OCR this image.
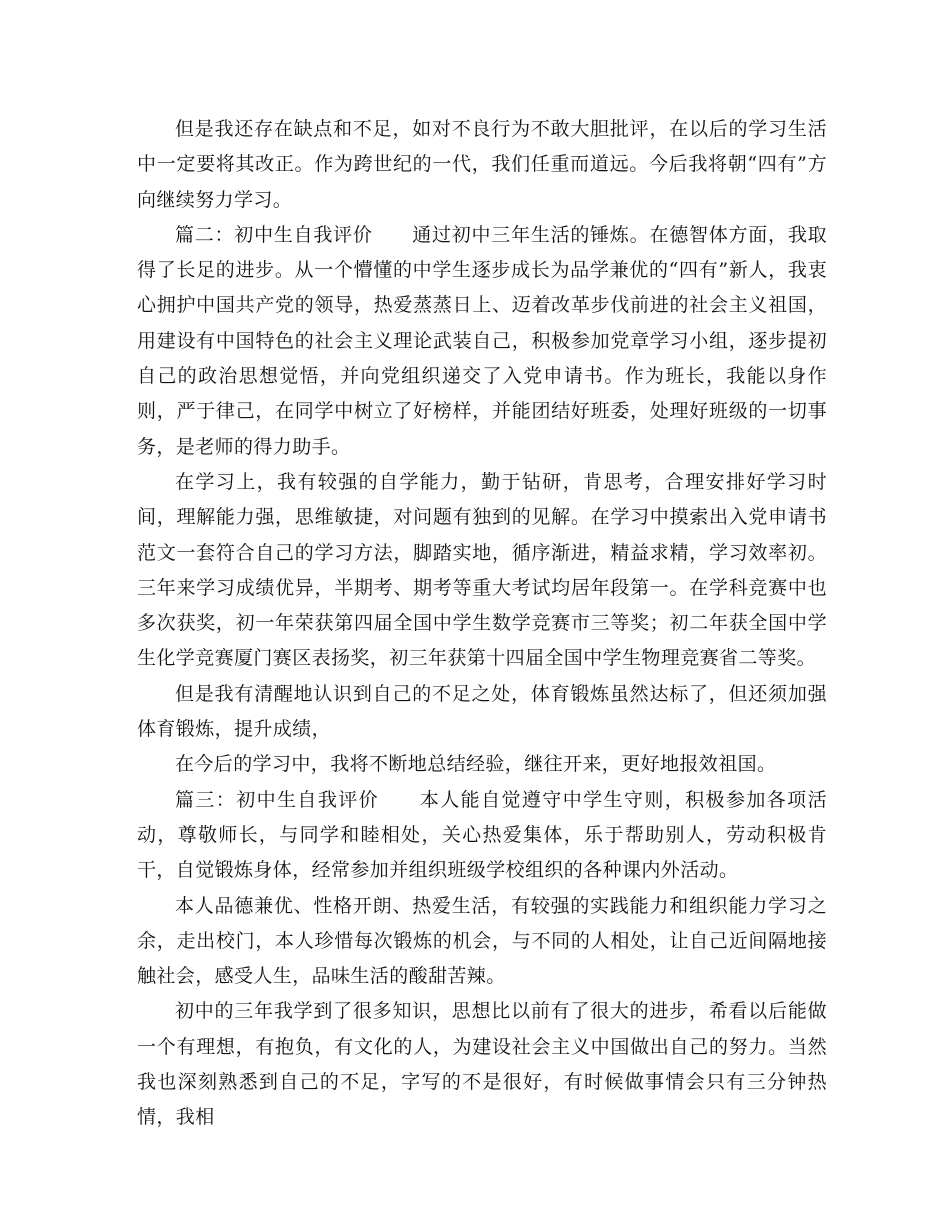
但是我还存在缺点和不足，如对不良行为不敢大胆批评，在以后的学习生活中一定要将其改正。作为跨世纪的一代，我们任重而道远。今后我将朝“四有”方向继续努力学习。

篇二：初中生自我评价　　通过初中三年生活的锤炼。在德智体方面，我取得了长足的进步。从一个懵懂的中学生逐步成长为品学兼优的“四有”新人，我衷心拥护中国共产党的领导，热爱蒸蒸日上、迈着改革步伐前进的社会主义祖国，用建设有中国特色的社会主义理论武装自己，积极参加党章学习小组，逐步提初自己的政治思想觉悟，并向党组织递交了入党申请书。作为班长，我能以身作则，严于律己，在同学中树立了好榜样，并能团结好班委，处理好班级的一切事务，是老师的得力助手。

在学习上，我有较强的自学能力，勤于钻研，肯思考，合理安排好学习时间，理解能力强，思维敏捷，对问题有独到的见解。在学习中摸索出入党申请书范文一套符合自己的学习方法，脚踏实地，循序渐进，精益求精，学习效率初。三年来学习成绩优异，半期考、期考等重大考试均居年段第一。在学科竞赛中也多次获奖，初一年荣获第四届全国中学生数学竞赛市三等奖；初二年获全国中学生化学竞赛厦门赛区表扬奖，初三年获第十四届全国中学生物理竞赛省二等奖。

但是我有清醒地认识到自己的不足之处，体育锻炼虽然达标了，但还须加强体育锻炼，提升成绩，

在今后的学习中，我将不断地总结经验，继往开来，更好地报效祖国。

篇三：初中生自我评价　　本人能自觉遵守中学生守则，积极参加各项活动，尊敬师长，与同学和睦相处，关心热爱集体，乐于帮助别人，劳动积极肯干，自觉锻炼身体，经常参加并组织班级学校组织的各种课内外活动。

本人品德兼优、性格开朗、热爱生活，有较强的实践能力和组织能力学习之余，走出校门，本人珍惜每次锻炼的机会，与不同的人相处，让自己近间隔地接触社会，感受人生，品味生活的酸甜苦辣。

初中的三年我学到了很多知识，思想比以前有了很大的进步，希看以后能做一个有理想，有抱负，有文化的人，为建设社会主义中国做出自己的努力。当然我也深刻熟悉到自己的不足，字写的不是很好，有时候做事情会只有三分钟热情，我相
